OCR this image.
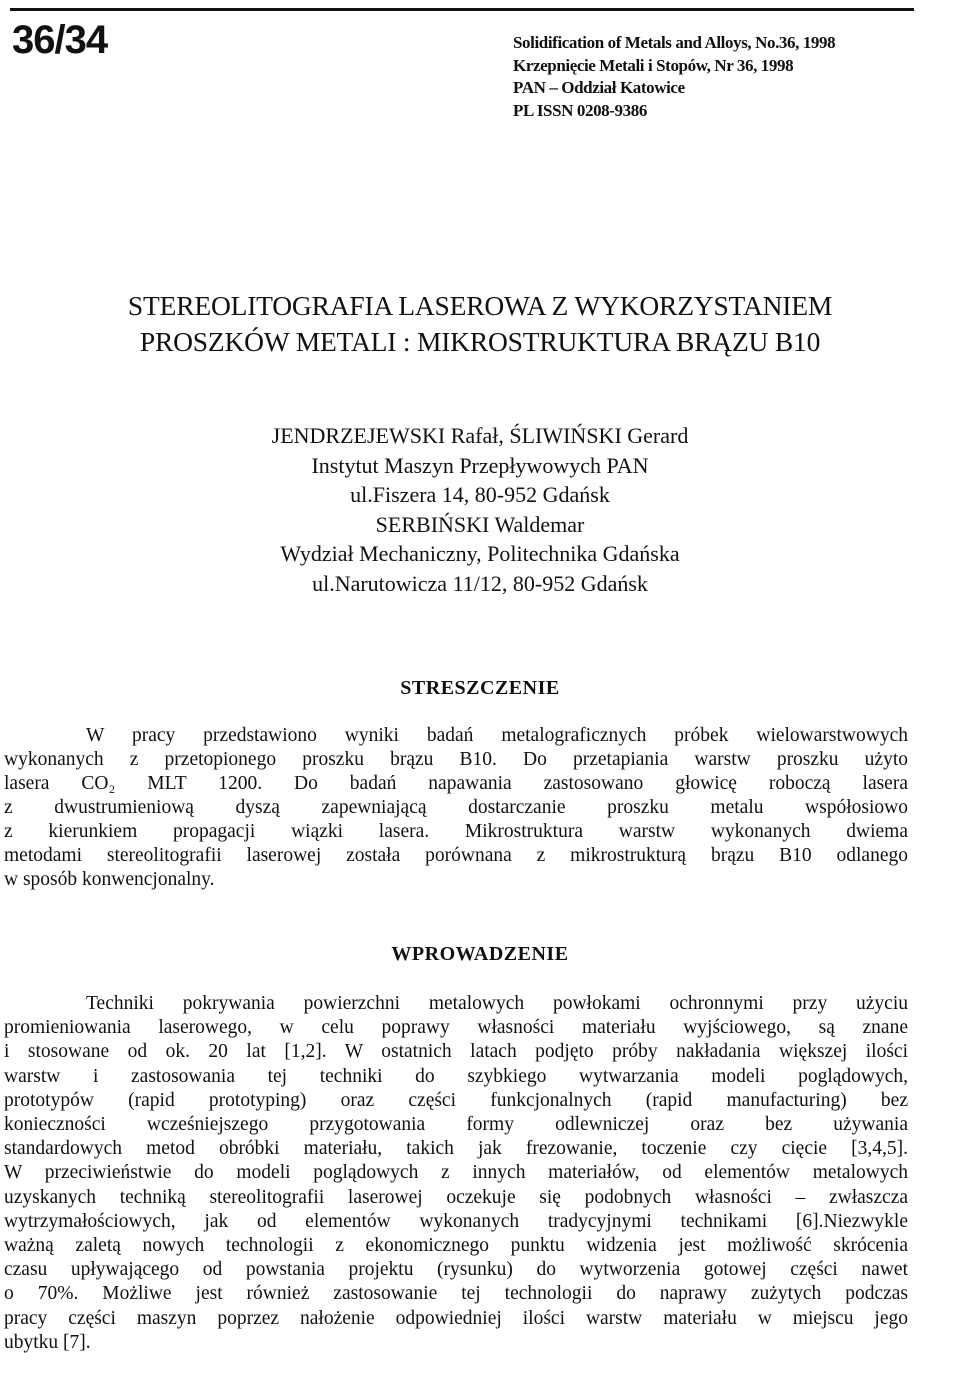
36/34	Solidification of Metals and Alloys, No.36, 1998
Krzepnięcie Metali i Stopów, Nr 36, 1998
PAN – Oddział Katowice
PL ISSN 0208-9386
STEREOLITOGRAFIA LASEROWA Z WYKORZYSTANIEM
PROSZKÓW METALI : MIKROSTRUKTURA BRĄZU B10
JENDRZEJEWSKI Rafał, ŚLIWIŃSKI Gerard
Instytut Maszyn Przepływowych PAN
ul.Fiszera 14, 80-952 Gdańsk
SERBIŃSKI Waldemar
Wydział Mechaniczny, Politechnika Gdańska
ul.Narutowicza 11/12, 80-952 Gdańsk
STRESZCZENIE
W pracy przedstawiono wyniki badań metalograficznych próbek wielowarstwowych
wykonanych z przetopionego proszku brązu B10. Do przetapiania warstw proszku użyto
lasera CO₂ MLT 1200. Do badań napawania zastosowano głowicę roboczą lasera
z dwustrumieniową dyszą zapewniającą dostarczanie proszku metalu współosiowo
z kierunkiem propagacji wiązki lasera. Mikrostruktura warstw wykonanych dwiema
metodami stereolitografii laserowej została porównana z mikrostrukturą brązu B10 odlanego
w sposób konwencjonalny.
WPROWADZENIE
Techniki pokrywania powierzchni metalowych powłokami ochronnymi przy użyciu
promieniowania laserowego, w celu poprawy własności materiału wyjściowego, są znane
i stosowane od ok. 20 lat [1,2]. W ostatnich latach podjęto próby nakładania większej ilości
warstw i zastosowania tej techniki do szybkiego wytwarzania modeli poglądowych,
prototypów (rapid prototyping) oraz części funkcjonalnych (rapid manufacturing) bez
konieczności wcześniejszego przygotowania formy odlewniczej oraz bez używania
standardowych metod obróbki materiału, takich jak frezowanie, toczenie czy cięcie [3,4,5].
W przeciwieństwie do modeli poglądowych z innych materiałów, od elementów metalowych
uzyskanych techniką stereolitografii laserowej oczekuje się podobnych własności – zwłaszcza
wytrzymałościowych, jak od elementów wykonanych tradycyjnymi technikami [6].Niezwykle
ważną zaletą nowych technologii z ekonomicznego punktu widzenia jest możliwość skrócenia
czasu upływającego od powstania projektu (rysunku) do wytworzenia gotowej części nawet
o 70%. Możliwe jest również zastosowanie tej technologii do naprawy zużytych podczas
pracy części maszyn poprzez nałożenie odpowiedniej ilości warstw materiału w miejscu jego
ubytku [7].
